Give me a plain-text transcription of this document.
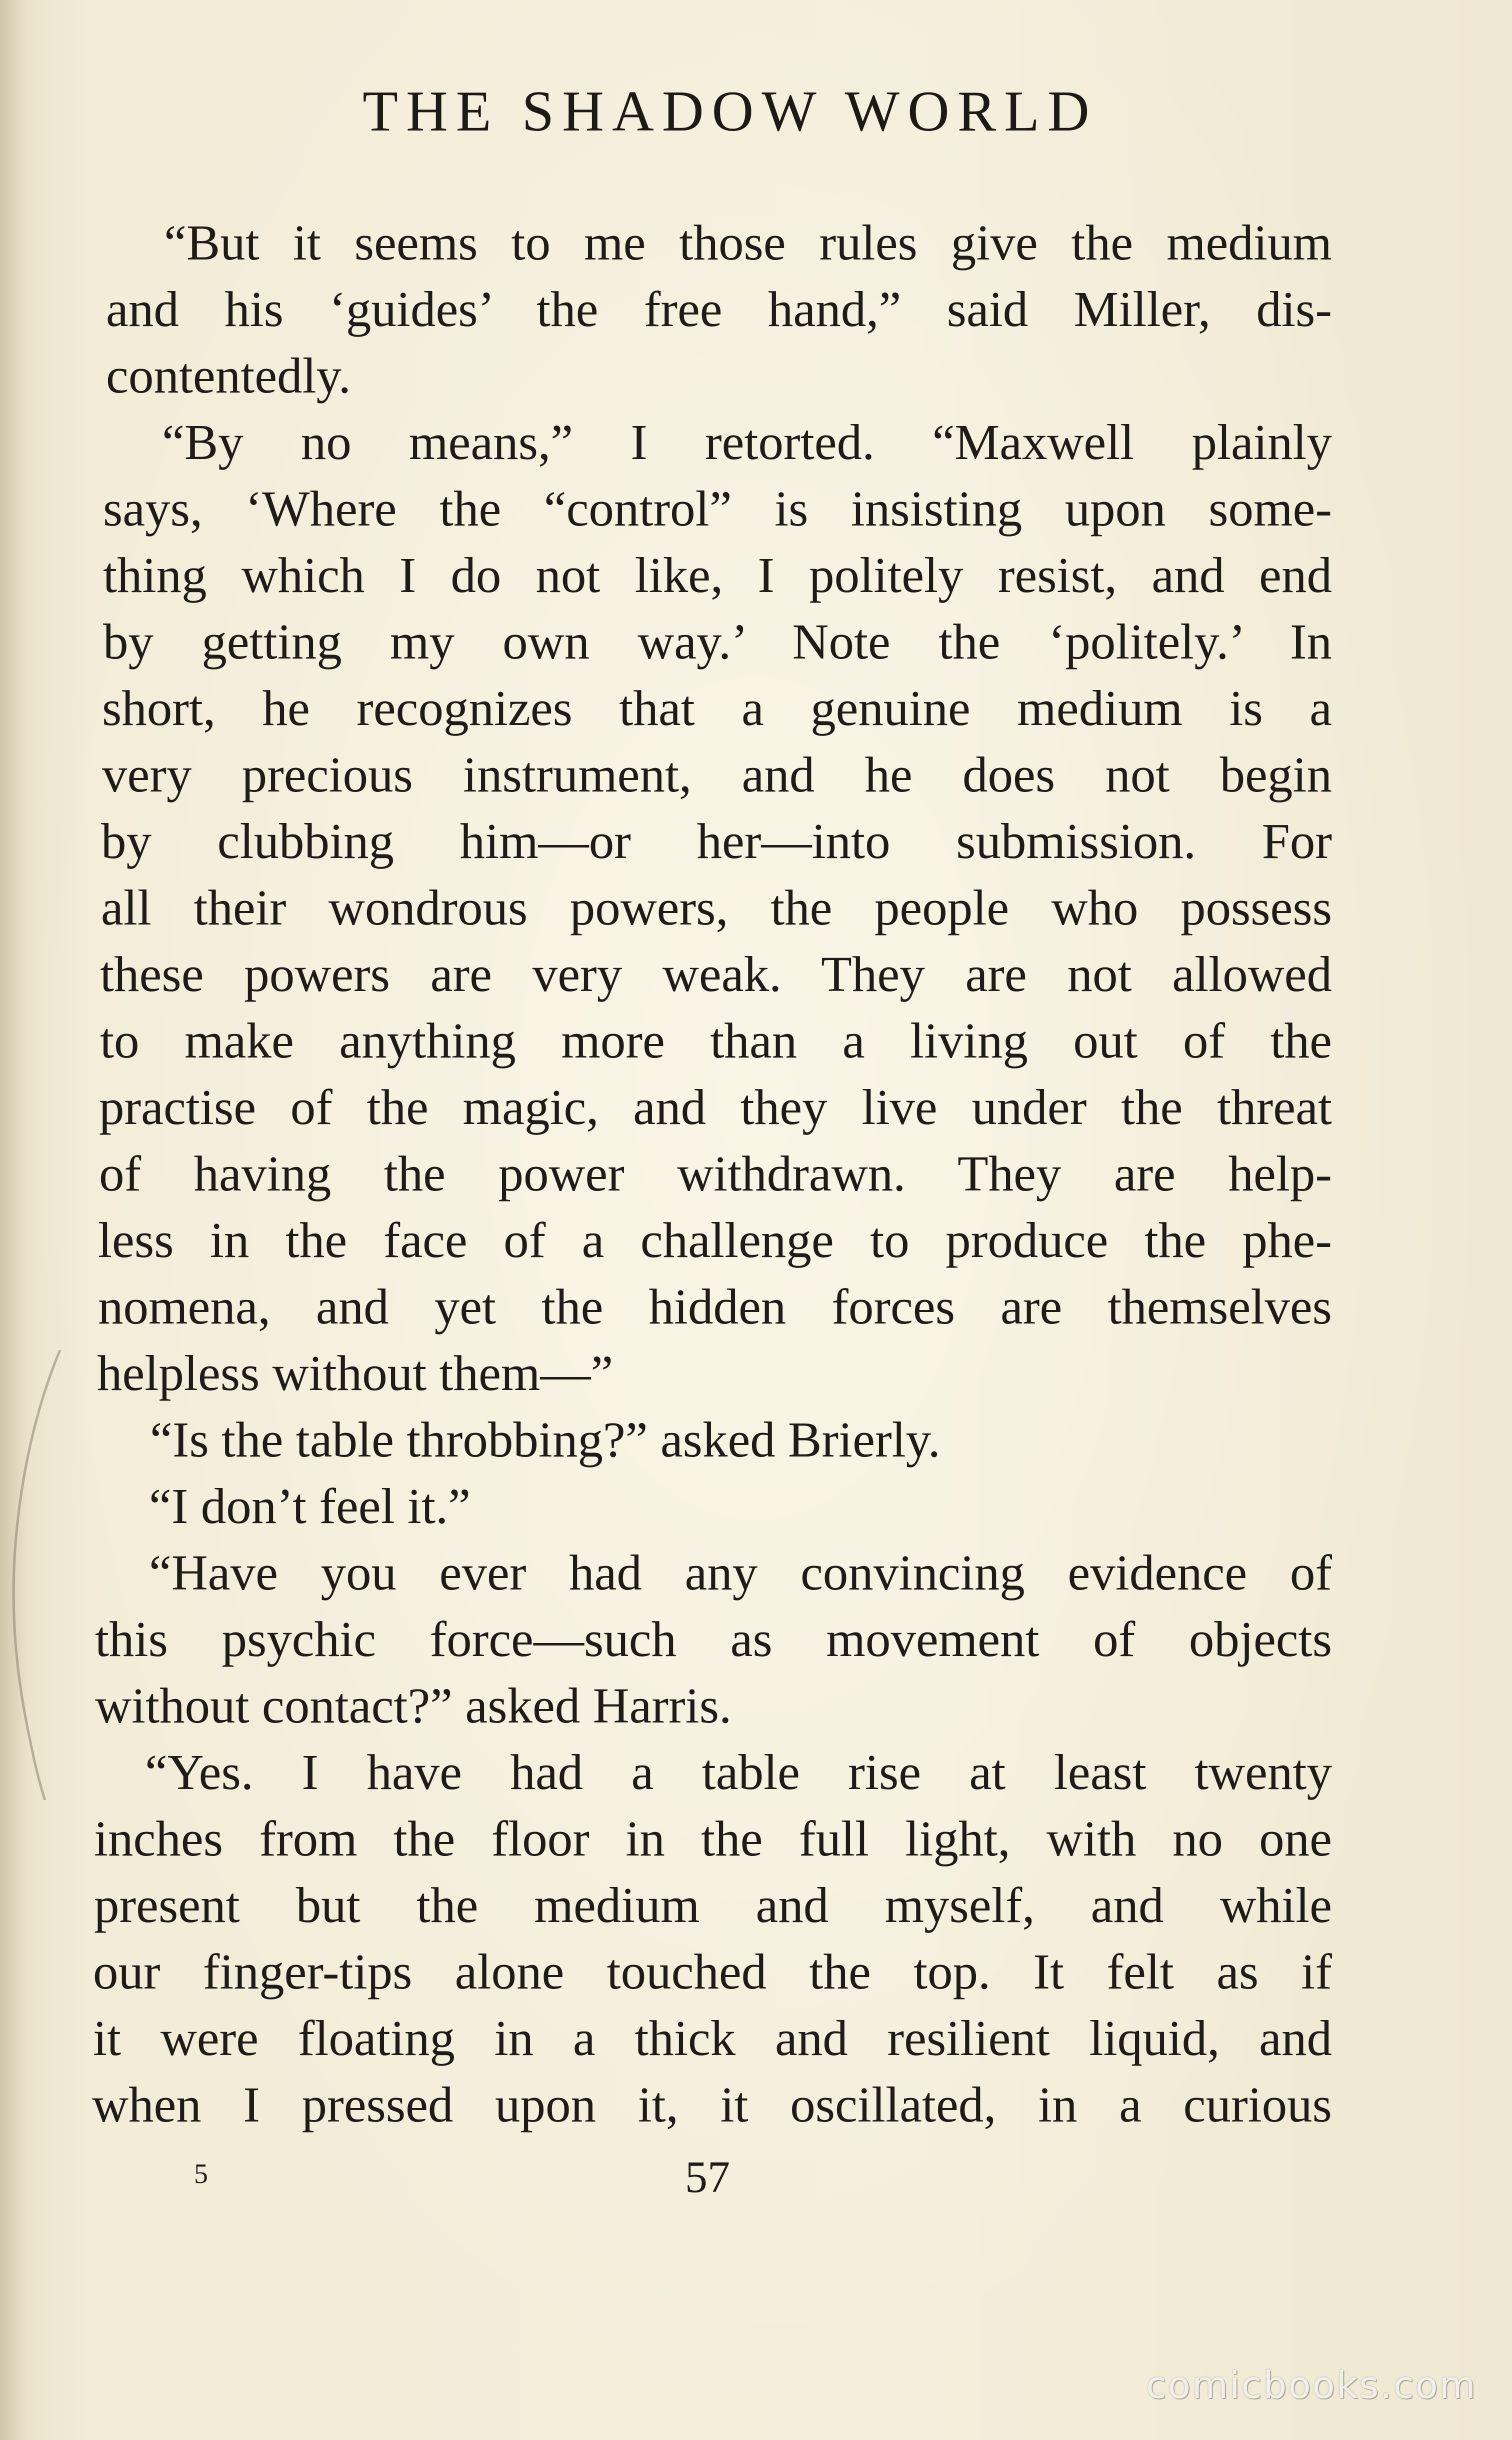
THE SHADOW WORLD
“But it seems to me those rules give the medium
and his ‘guides’ the free hand,” said Miller, dis-
contentedly.
“By no means,” I retorted. “Maxwell plainly
says, ‘Where the “control” is insisting upon some-
thing which I do not like, I politely resist, and end
by getting my own way.’ Note the ‘politely.’ In
short, he recognizes that a genuine medium is a
very precious instrument, and he does not begin
by clubbing him—or her—into submission. For
all their wondrous powers, the people who possess
these powers are very weak. They are not allowed
to make anything more than a living out of the
practise of the magic, and they live under the threat
of having the power withdrawn. They are help-
less in the face of a challenge to produce the phe-
nomena, and yet the hidden forces are themselves
helpless without them—”
“Is the table throbbing?” asked Brierly.
“I don’t feel it.”
“Have you ever had any convincing evidence of
this psychic force—such as movement of objects
without contact?” asked Harris.
“Yes. I have had a table rise at least twenty
inches from the floor in the full light, with no one
present but the medium and myself, and while
our finger-tips alone touched the top. It felt as if
it were floating in a thick and resilient liquid, and
when I pressed upon it, it oscillated, in a curious
5	57
comicbooks.com
